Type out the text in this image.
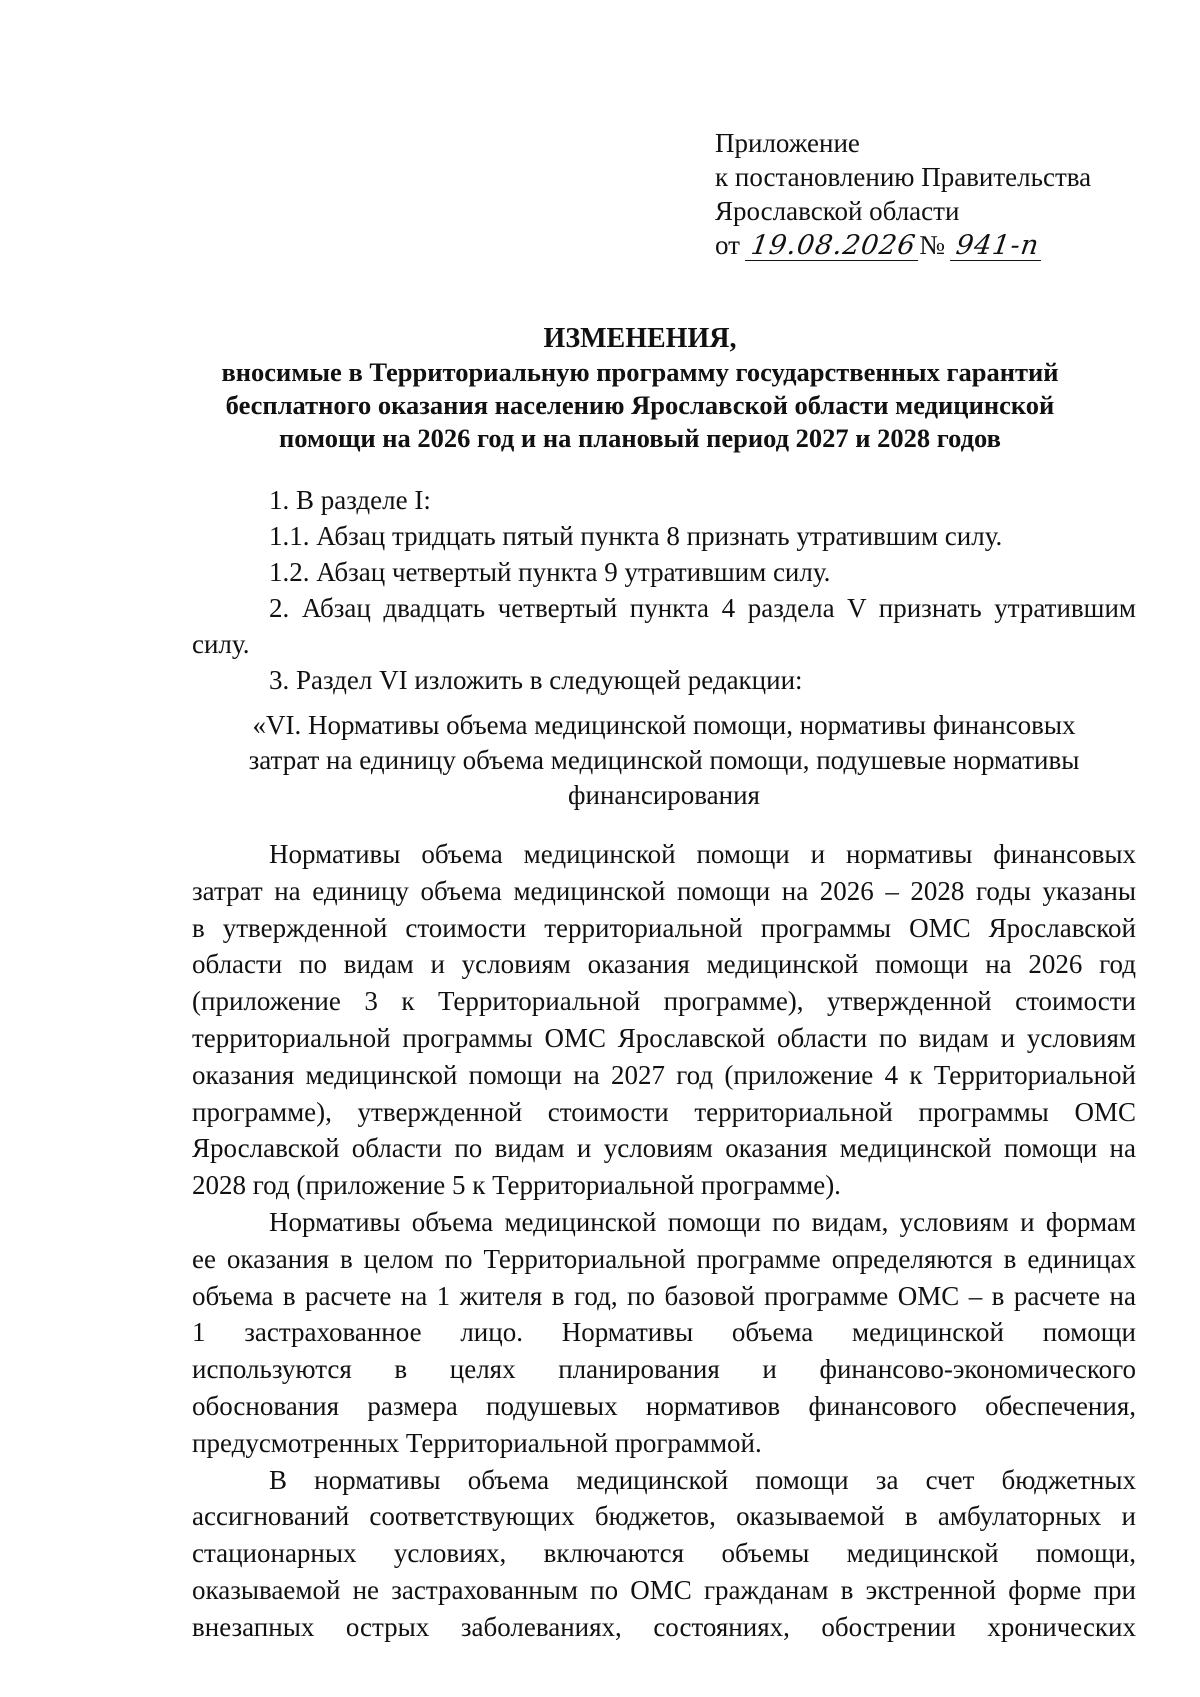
Приложение
к постановлению Правительства
Ярославской области
от 19.08.2026№ 941-п
ИЗМЕНЕНИЯ,
вносимые в Территориальную программу государственных гарантий
бесплатного оказания населению Ярославской области медицинской
помощи на 2026 год и на плановый период 2027 и 2028 годов
1. В разделе I:
1.1. Абзац тридцать пятый пункта 8 признать утратившим силу.
1.2. Абзац четвертый пункта 9 утратившим силу.
2. Абзац двадцать четвертый пункта 4 раздела V признать утратившим
силу.
3. Раздел VI изложить в следующей редакции:
«VI. Нормативы объема медицинской помощи, нормативы финансовых
затрат на единицу объема медицинской помощи, подушевые нормативы
финансирования
Нормативы объема медицинской помощи и нормативы финансовых
затрат на единицу объема медицинской помощи на 2026 – 2028 годы указаны
в утвержденной стоимости территориальной программы ОМС Ярославской
области по видам и условиям оказания медицинской помощи на 2026 год
(приложение 3 к Территориальной программе), утвержденной стоимости
территориальной программы ОМС Ярославской области по видам и условиям
оказания медицинской помощи на 2027 год (приложение 4 к Территориальной
программе), утвержденной стоимости территориальной программы ОМС
Ярославской области по видам и условиям оказания медицинской помощи на
2028 год (приложение 5 к Территориальной программе).
Нормативы объема медицинской помощи по видам, условиям и формам
ее оказания в целом по Территориальной программе определяются в единицах
объема в расчете на 1 жителя в год, по базовой программе ОМС – в расчете на
1 застрахованное лицо. Нормативы объема медицинской помощи
используются в целях планирования и финансово-экономического
обоснования размера подушевых нормативов финансового обеспечения,
предусмотренных Территориальной программой.
В нормативы объема медицинской помощи за счет бюджетных
ассигнований соответствующих бюджетов, оказываемой в амбулаторных и
стационарных условиях, включаются объемы медицинской помощи,
оказываемой не застрахованным по ОМС гражданам в экстренной форме при
внезапных острых заболеваниях, состояниях, обострении хронических
